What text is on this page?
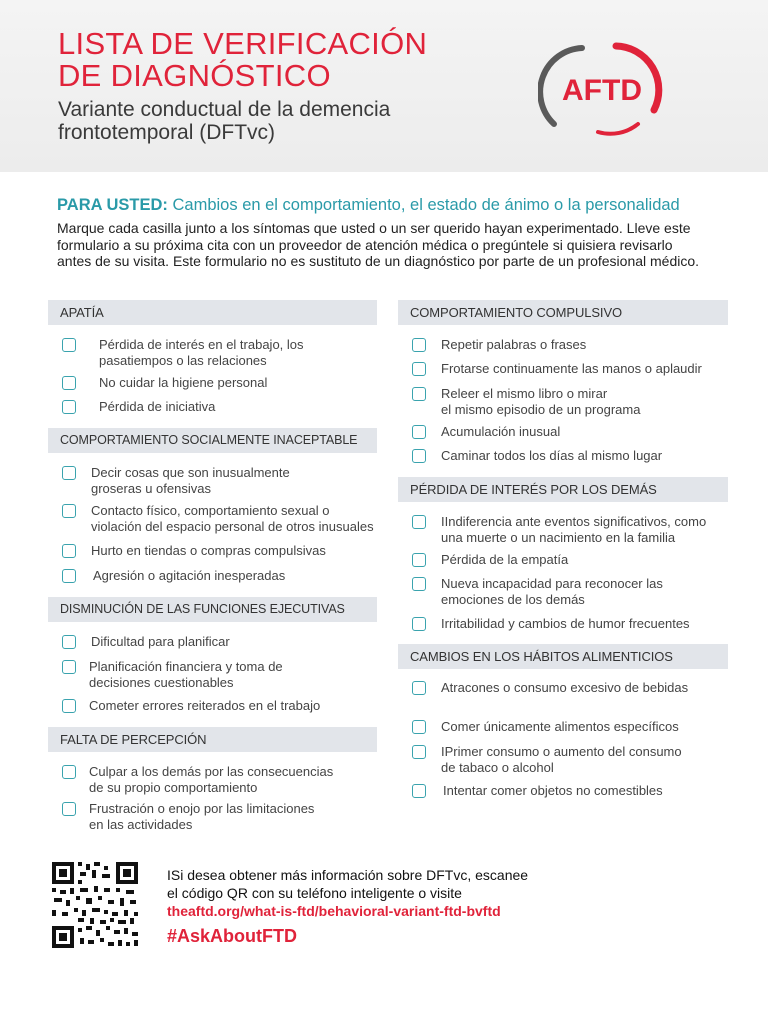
LISTA DE VERIFICACIÓN
DE DIAGNÓSTICO
Variante conductual de la demencia
frontotemporal (DFTvc)
AFTD
PARA USTED: Cambios en el comportamiento, el estado de ánimo o la personalidad
Marque cada casilla junto a los síntomas que usted o un ser querido hayan experimentado. Lleve este
formulario a su próxima cita con un proveedor de atención médica o pregúntele si quisiera revisarlo
antes de su visita. Este formulario no es sustituto de un diagnóstico por parte de un profesional médico.
APATÍA
Pérdida de interés en el trabajo, los
pasatiempos o las relaciones
No cuidar la higiene personal
Pérdida de iniciativa
COMPORTAMIENTO SOCIALMENTE INACEPTABLE
Decir cosas que son inusualmente
groseras u ofensivas
Contacto físico, comportamiento sexual o
violación del espacio personal de otros inusuales
Hurto en tiendas o compras compulsivas
Agresión o agitación inesperadas
DISMINUCIÓN DE LAS FUNCIONES EJECUTIVAS
Dificultad para planificar
Planificación financiera y toma de
decisiones cuestionables
Cometer errores reiterados en el trabajo
FALTA DE PERCEPCIÓN
Culpar a los demás por las consecuencias
de su propio comportamiento
Frustración o enojo por las limitaciones
en las actividades
COMPORTAMIENTO COMPULSIVO
Repetir palabras o frases
Frotarse continuamente las manos o aplaudir
Releer el mismo libro o mirar
el mismo episodio de un programa
Acumulación inusual
Caminar todos los días al mismo lugar
PÉRDIDA DE INTERÉS POR LOS DEMÁS
IIndiferencia ante eventos significativos, como
una muerte o un nacimiento en la familia
Pérdida de la empatía
Nueva incapacidad para reconocer las
emociones de los demás
Irritabilidad y cambios de humor frecuentes
CAMBIOS EN LOS HÁBITOS ALIMENTICIOS
Atracones o consumo excesivo de bebidas
Comer únicamente alimentos específicos
IPrimer consumo o aumento del consumo
de tabaco o alcohol
Intentar comer objetos no comestibles
ISi desea obtener más información sobre DFTvc, escanee
el código QR con su teléfono inteligente o visite
theaftd.org/what-is-ftd/behavioral-variant-ftd-bvftd
#AskAboutFTD
